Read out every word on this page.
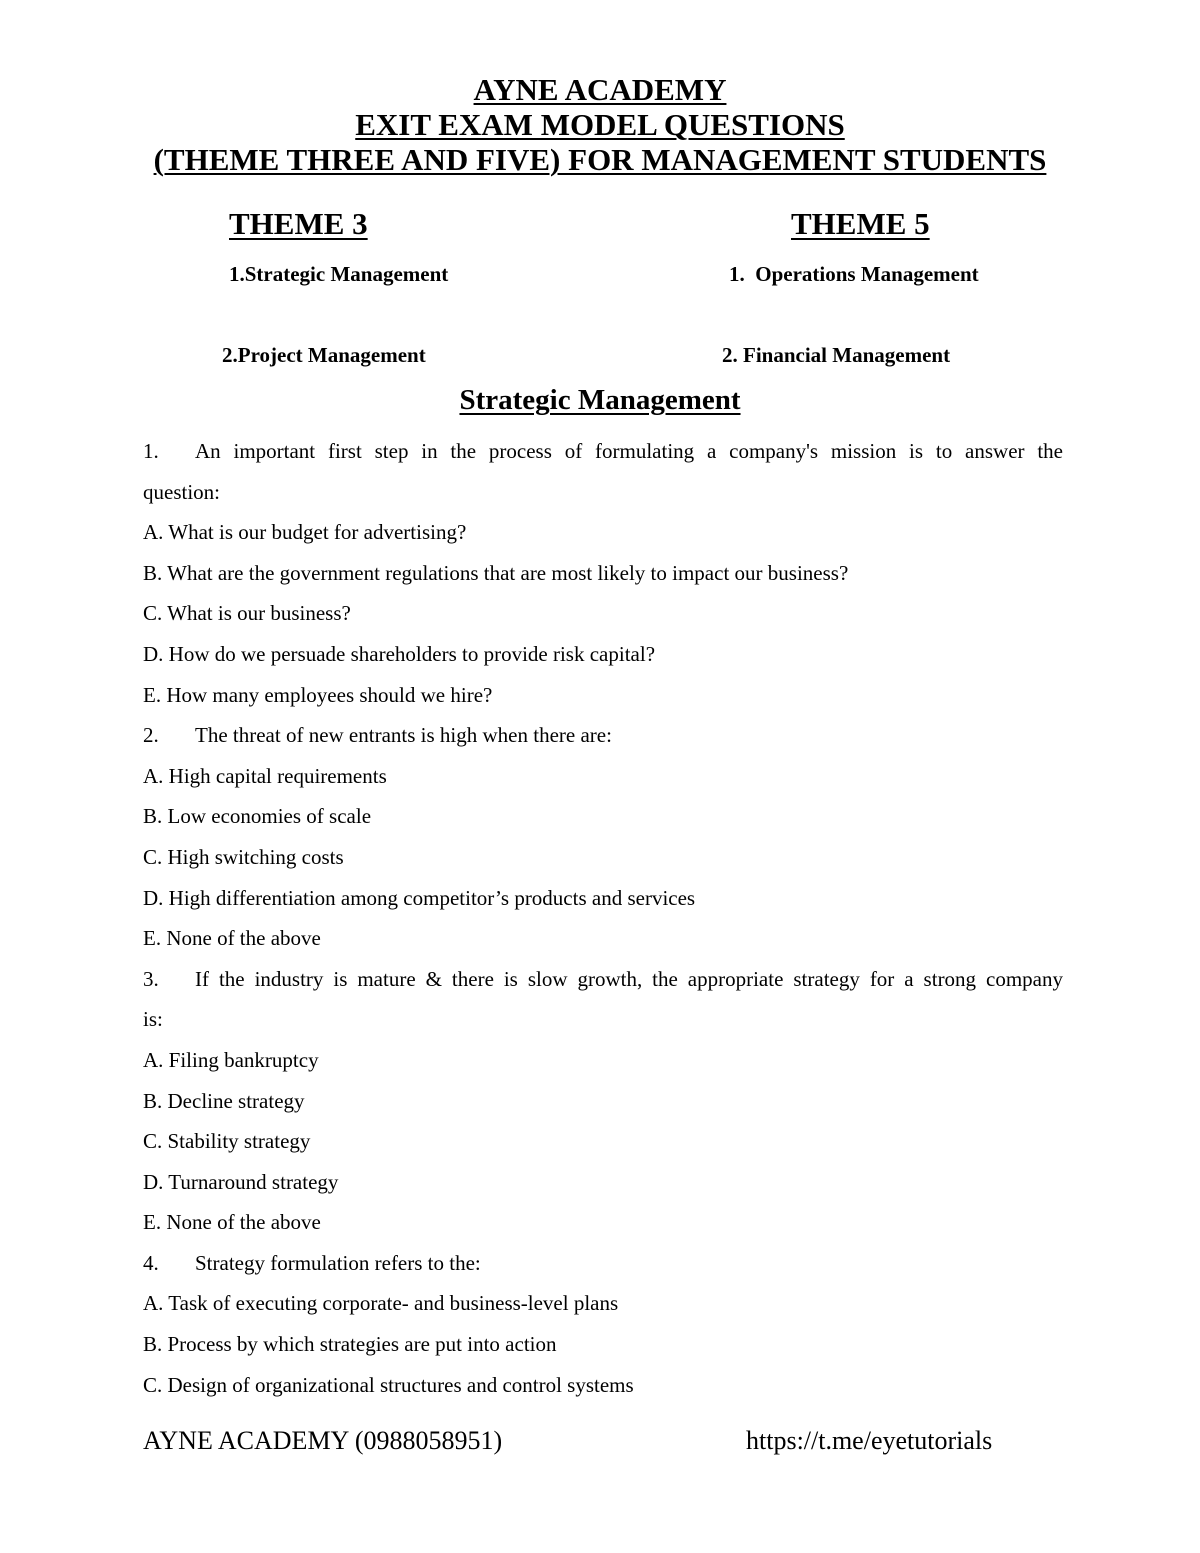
AYNE ACADEMY
EXIT EXAM MODEL QUESTIONS
(THEME THREE AND FIVE) FOR MANAGEMENT STUDENTS
THEME 3	THEME 5
1.Strategic Management	1.  Operations Management
2.Project Management	2. Financial Management
Strategic Management
1. An important first step in the process of formulating a company's mission is to answer the
question:
A. What is our budget for advertising?
B. What are the government regulations that are most likely to impact our business?
C. What is our business?
D. How do we persuade shareholders to provide risk capital?
E. How many employees should we hire?
2. The threat of new entrants is high when there are:
A. High capital requirements
B. Low economies of scale
C. High switching costs
D. High differentiation among competitor’s products and services
E. None of the above
3. If the industry is mature & there is slow growth, the appropriate strategy for a strong company
is:
A. Filing bankruptcy
B. Decline strategy
C. Stability strategy
D. Turnaround strategy
E. None of the above
4. Strategy formulation refers to the:
A. Task of executing corporate- and business-level plans
B. Process by which strategies are put into action
C. Design of organizational structures and control systems
AYNE ACADEMY (0988058951)	https://t.me/eyetutorials
